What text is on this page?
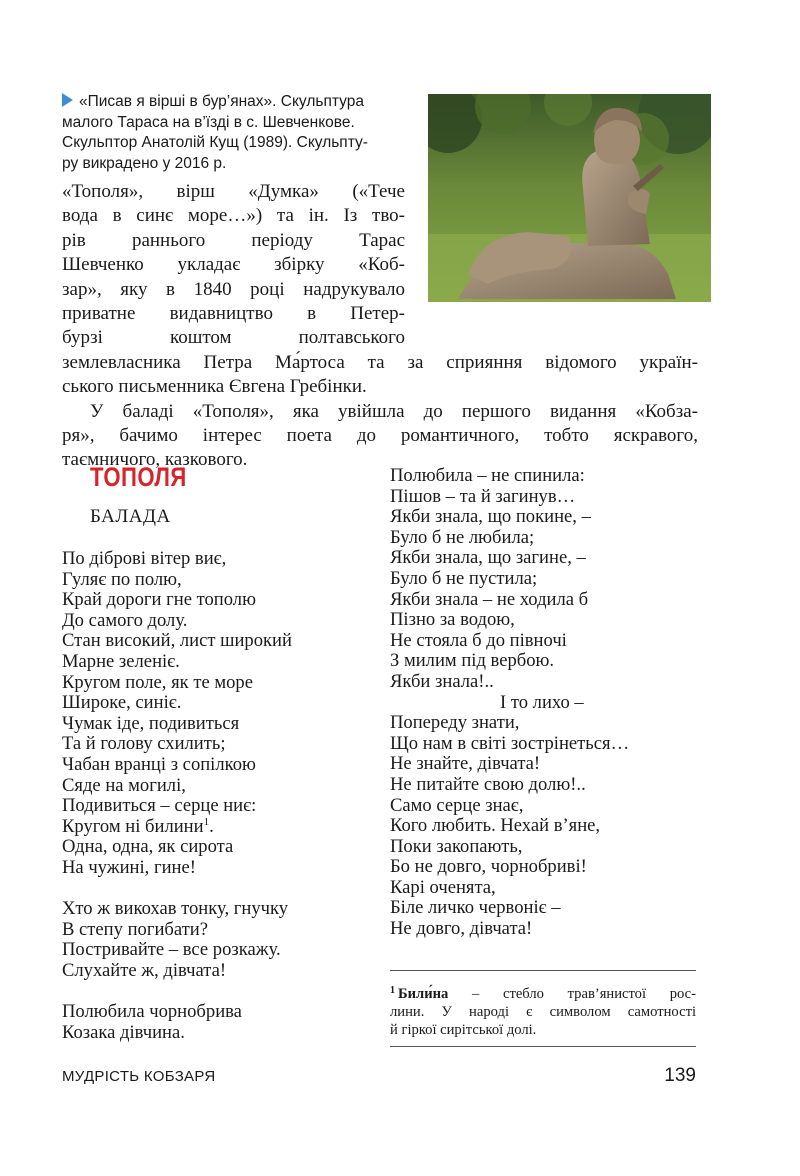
«Писав я вірші в бур’янах». Скульптура
малого Тараса на в’їзді в с. Шевченкове.
Скульптор Анатолій Кущ (1989). Скульпту-
ру викрадено у 2016 р.
«Тополя», вірш «Думка» («Тече
вода в синє море…») та ін. Із тво-
рів раннього періоду Тарас
Шевченко укладає збірку «Коб-
зар», яку в 1840 році надрукувало
приватне видавництво в Петер-
бурзі коштом полтавського
землевласника Петра Ма́ртоса та за сприяння відомого україн-
ського письменника Євгена Гребінки.
У баладі «Тополя», яка увійшла до першого видання «Кобза-
ря», бачимо інтерес поета до романтичного, тобто яскравого,
таємничого, казкового.
ТОПОЛЯ
БАЛАДА
По діброві вітер виє,
Гуляє по полю,
Край дороги гне тополю
До самого долу.
Стан високий, лист широкий
Марне зеленіє.
Кругом поле, як те море
Широке, синіє.
Чумак іде, подивиться
Та й голову схилить;
Чабан вранці з сопілкою
Сяде на могилі,
Подивиться – серце ниє:
Кругом ні билини$^1$.
Одна, одна, як сирота
На чужині, гине!
Хто ж викохав тонку, гнучку
В степу погибати?
Постривайте – все розкажу.
Слухайте ж, дівчата!
Полюбила чорнобрива
Козака дівчина.
Полюбила – не спинила:
Пішов – та й загинув…
Якби знала, що покине, –
Було б не любила;
Якби знала, що загине, –
Було б не пустила;
Якби знала – не ходила б
Пізно за водою,
Не стояла б до півночі
З милим під вербою.
Якби знала!..
І то лихо –
Попереду знати,
Що нам в світі зострінеться…
Не знайте, дівчата!
Не питайте свою долю!..
Само серце знає,
Кого любить. Нехай в’яне,
Поки закопають,
Бо не довго, чорнобриві!
Карі оченята,
Біле личко червоніє –
Не довго, дівчата!
$^1$ Били́на – стебло трав’янистої рос-
лини. У народі є символом самотності
й гіркої сирітської долі.
МУДРІСТЬ КОБЗАРЯ	139
